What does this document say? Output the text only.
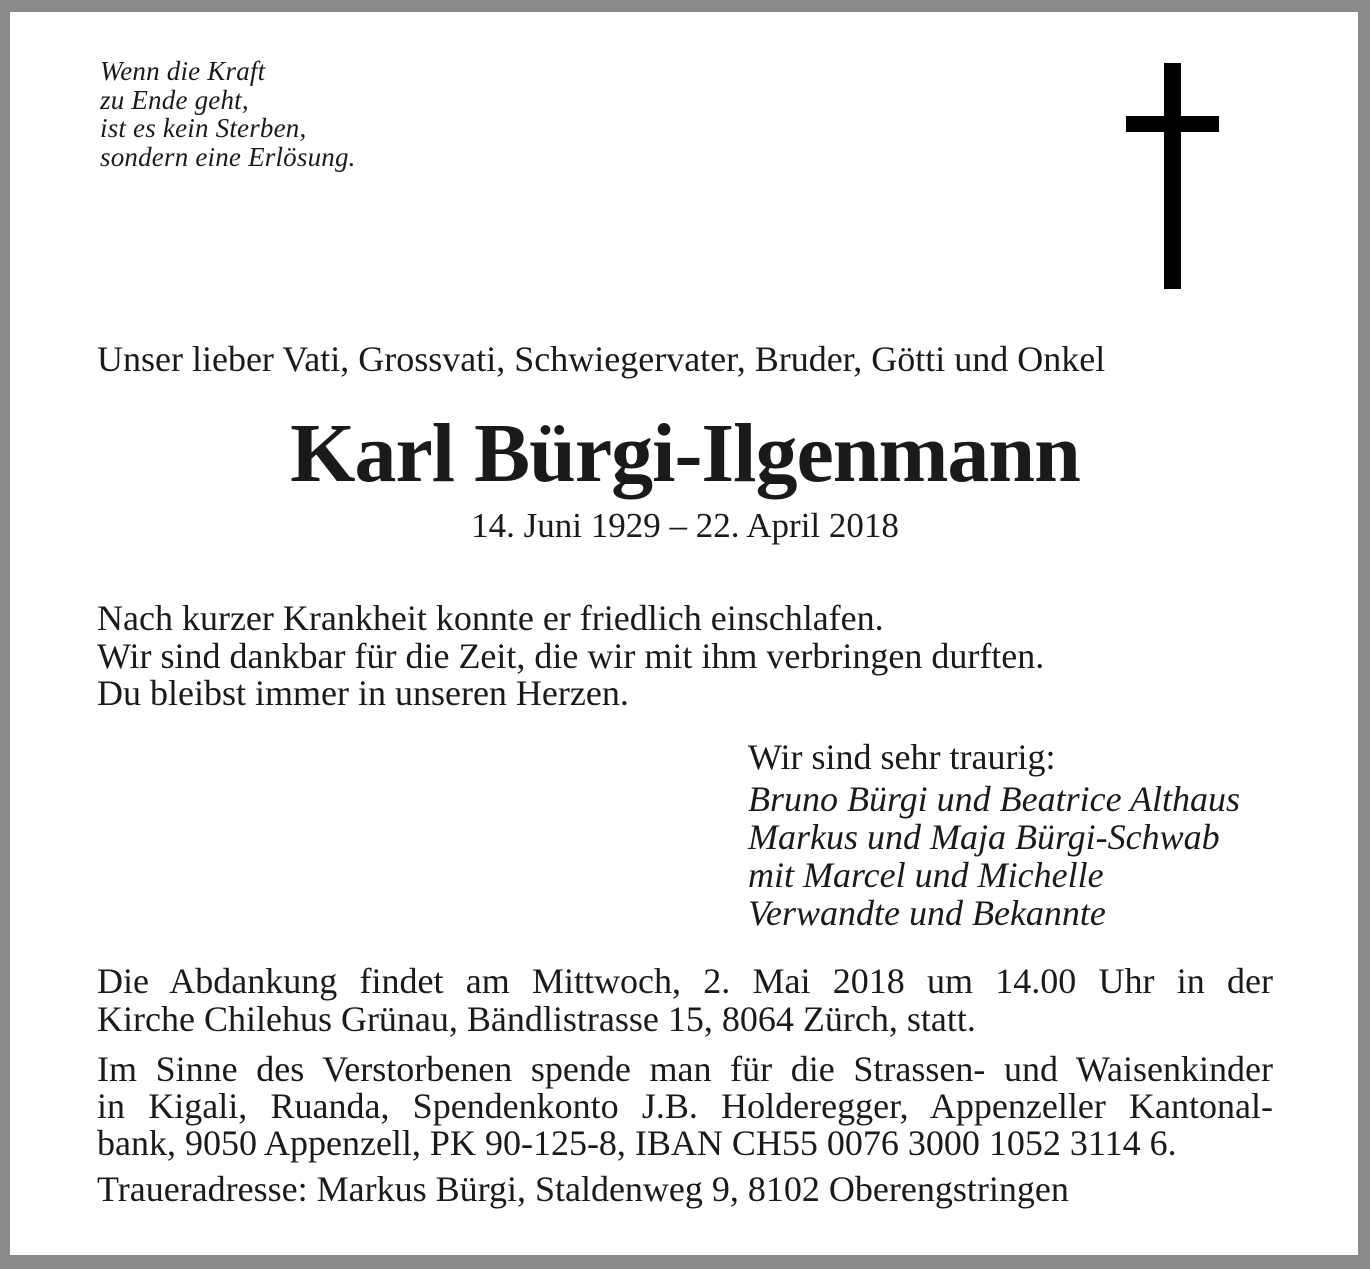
Wenn die Kraft
zu Ende geht,
ist es kein Sterben,
sondern eine Erlösung.
Unser lieber Vati, Grossvati, Schwiegervater, Bruder, Götti und Onkel
Karl Bürgi-Ilgenmann
14. Juni 1929 – 22. April 2018
Nach kurzer Krankheit konnte er friedlich einschlafen.
Wir sind dankbar für die Zeit, die wir mit ihm verbringen durften.
Du bleibst immer in unseren Herzen.
Wir sind sehr traurig:
Bruno Bürgi und Beatrice Althaus
Markus und Maja Bürgi-Schwab
mit Marcel und Michelle
Verwandte und Bekannte
Die Abdankung findet am Mittwoch, 2. Mai 2018 um 14.00 Uhr in der
Kirche Chilehus Grünau, Bändlistrasse 15, 8064 Zürch, statt.
Im Sinne des Verstorbenen spende man für die Strassen- und Waisenkinder
in Kigali, Ruanda, Spendenkonto J.B. Holderegger, Appenzeller Kantonal-
bank, 9050 Appenzell, PK 90-125-8, IBAN CH55 0076 3000 1052 3114 6.
Traueradresse: Markus Bürgi, Staldenweg 9, 8102 Oberengstringen
